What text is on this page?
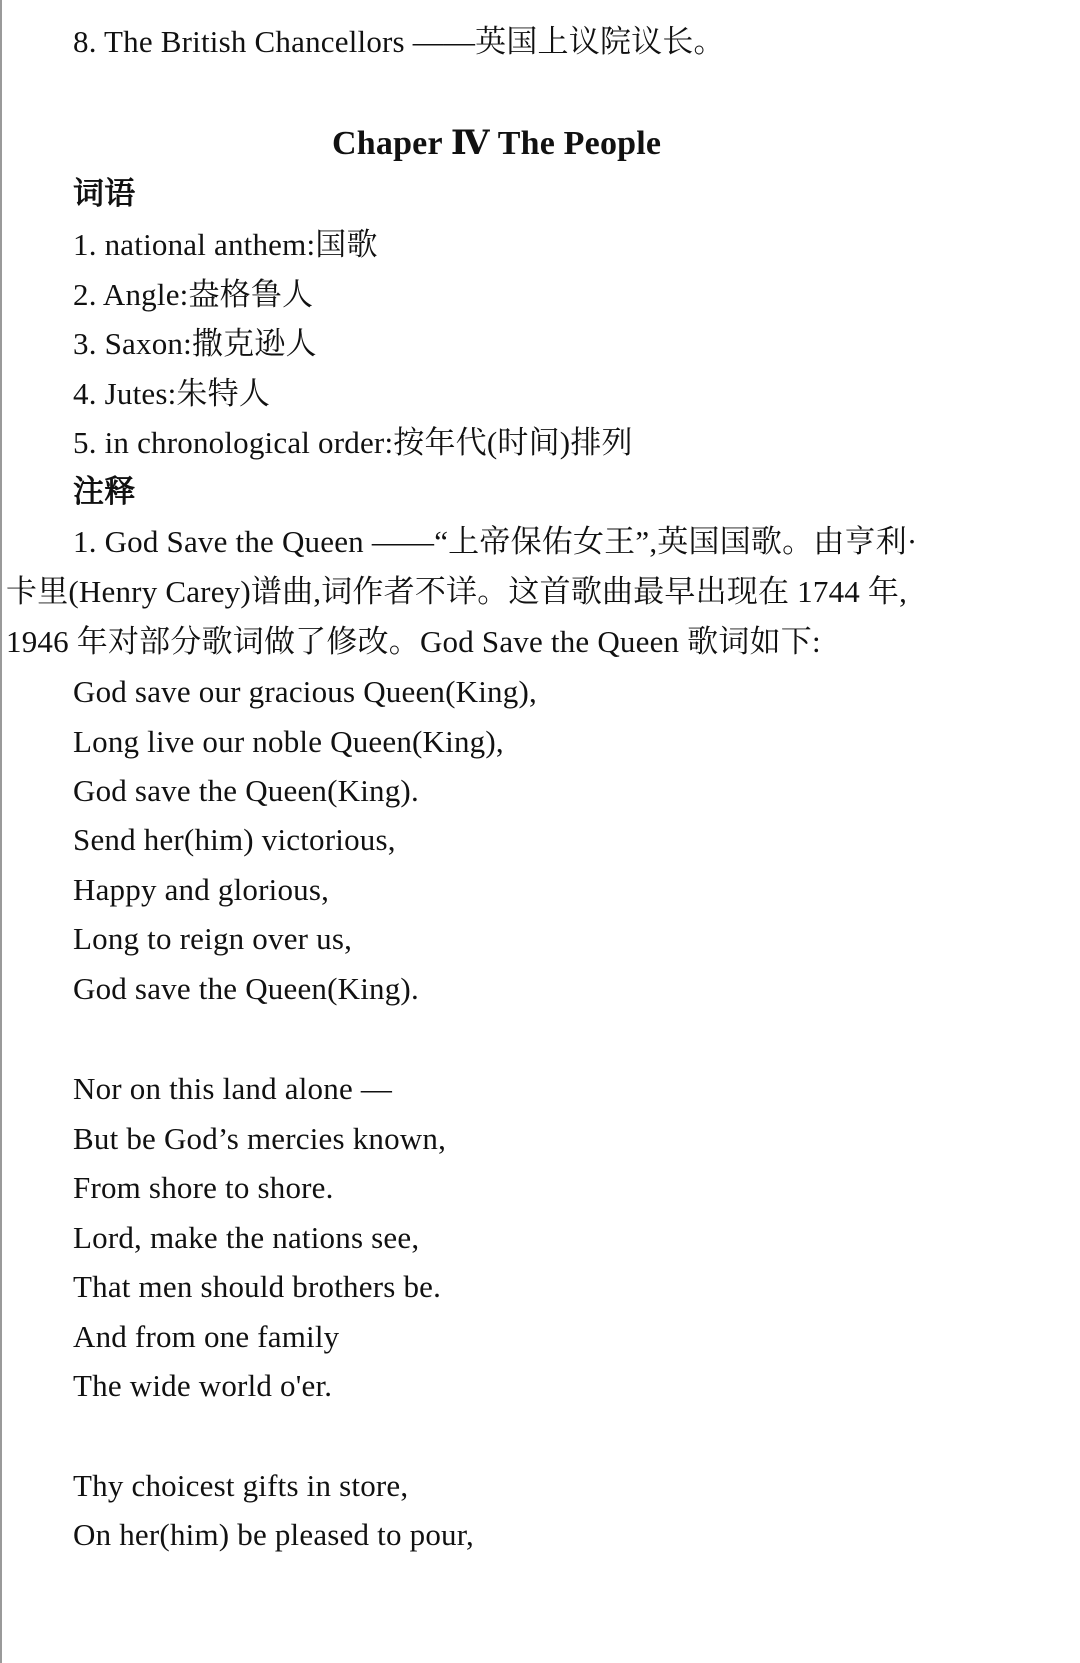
8. The British Chancellors ——英国上议院议长。
Chaper Ⅳ The People
词语
1. national anthem:国歌
2. Angle:盎格鲁人
3. Saxon:撒克逊人
4. Jutes:朱特人
5. in chronological order:按年代(时间)排列
注释
1. God Save the Queen ——“上帝保佑女王”,英国国歌。由亨利·
卡里(Henry Carey)谱曲,词作者不详。这首歌曲最早出现在 1744 年,
1946 年对部分歌词做了修改。God Save the Queen 歌词如下:
God save our gracious Queen(King),
Long live our noble Queen(King),
God save the Queen(King).
Send her(him) victorious,
Happy and glorious,
Long to reign over us,
God save the Queen(King).
Nor on this land alone —
But be God’s mercies known,
From shore to shore.
Lord, make the nations see,
That men should brothers be.
And from one family
The wide world o'er.
Thy choicest gifts in store,
On her(him) be pleased to pour,
